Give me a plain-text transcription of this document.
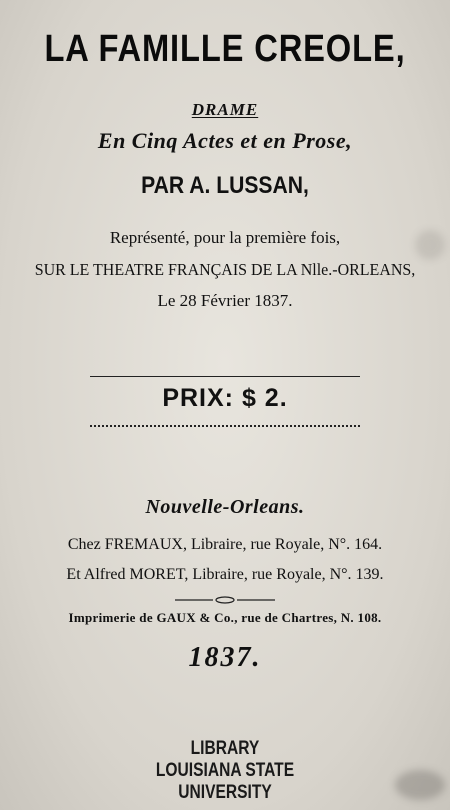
LA FAMILLE CREOLE,
DRAME
En Cinq Actes et en Prose,
PAR A. LUSSAN,
Représenté, pour la première fois,
SUR LE THEATRE FRANÇAIS DE LA Nlle.-ORLEANS,
Le 28 Février 1837.
PRIX: $ 2.
Nouvelle-Orleans.
Chez FREMAUX, Libraire, rue Royale, N°. 164.
Et Alfred MORET, Libraire, rue Royale, N°. 139.
Imprimerie de GAUX & Co., rue de Chartres, N. 108.
1837.
LIBRARY
LOUISIANA STATE UNIVERSITY
